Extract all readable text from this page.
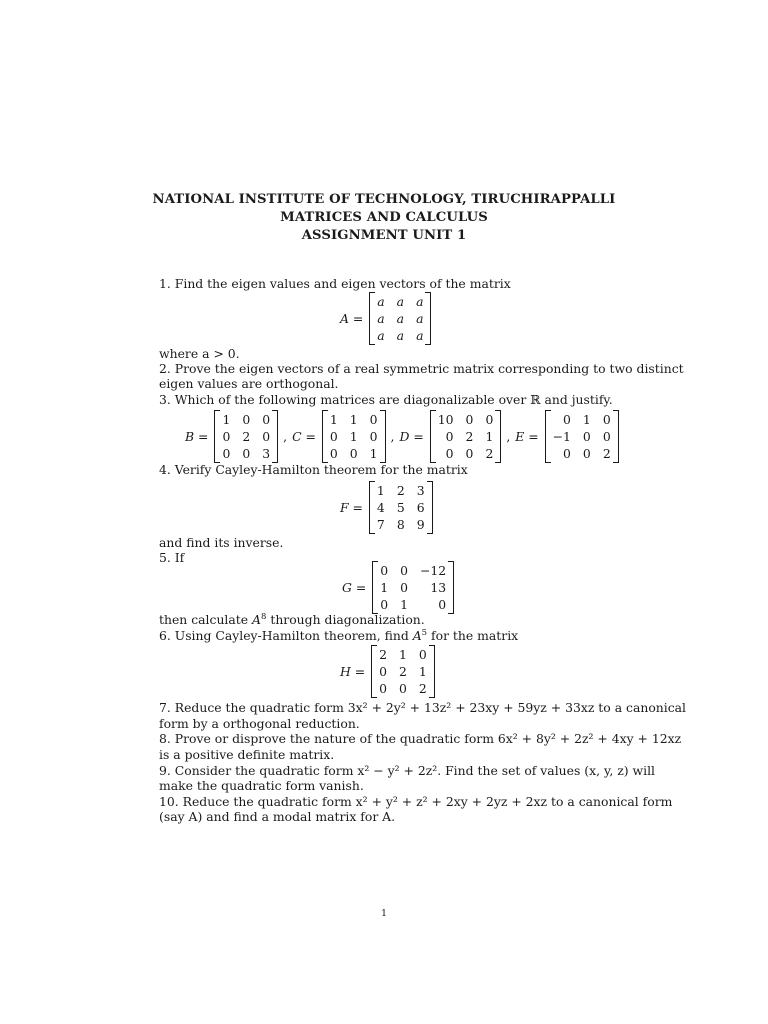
NATIONAL INSTITUTE OF TECHNOLOGY, TIRUCHIRAPPALLI
MATRICES AND CALCULUS
ASSIGNMENT UNIT 1
1. Find the eigen values and eigen vectors of the matrix
A =
a a a
a a a
a a a
where a > 0.
2. Prove the eigen vectors of a real symmetric matrix corresponding to two distinct
eigen values are orthogonal.
3. Which of the following matrices are diagonalizable over ℝ and justify.
B =
1 0 0
0 2 0
0 0 3
, C =
1 1 0
0 1 0
0 0 1
, D =
10 0 0
0 2 1
0 0 2
, E =
0 1 0
−1 0 0
0 0 2
4. Verify Cayley-Hamilton theorem for the matrix
F =
1 2 3
4 5 6
7 8 9
and find its inverse.
5. If
G =
0 0 −12
1 0	13
0 1	0
then calculate $A^8$ through diagonalization.
6. Using Cayley-Hamilton theorem, find $A^5$ for the matrix
H =
2 1 0
0 2 1
0 0 2
7. Reduce the quadratic form 3x² + 2y² + 13z² + 23xy + 59yz + 33xz to a canonical
form by a orthogonal reduction.
8. Prove or disprove the nature of the quadratic form 6x² + 8y² + 2z² + 4xy + 12xz
is a positive definite matrix.
9. Consider the quadratic form x² − y² + 2z². Find the set of values (x, y, z) will
make the quadratic form vanish.
10. Reduce the quadratic form x² + y² + z² + 2xy + 2yz + 2xz to a canonical form
(say A) and find a modal matrix for A.
1
